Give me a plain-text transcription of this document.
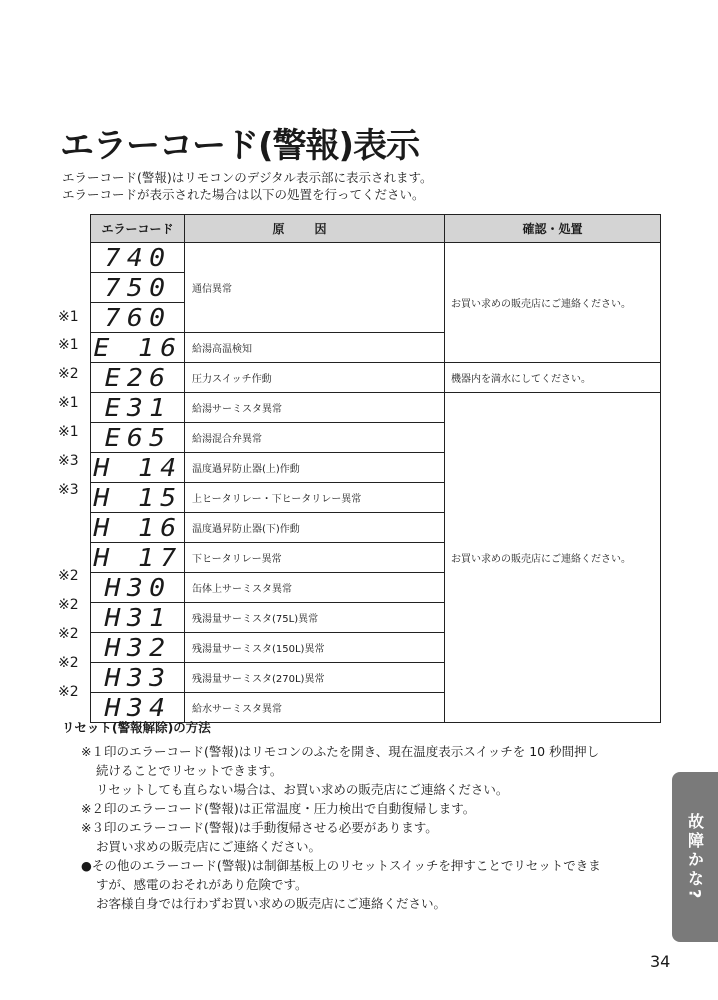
エラーコード(警報)表示
エラーコード(警報)はリモコンのデジタル表示部に表示されます。
エラーコードが表示された場合は以下の処置を行ってください。
※1
※1
※2
※1
※1
※3
※3
※2
※2
※2
※2
※2
エラーコード	原因	確認・処置
740	通信異常	お買い求めの販売店にご連絡ください。
750		
760		
E 16	給湯高温検知	
E26	圧力スイッチ作動	機器内を満水にしてください。
E31	給湯サーミスタ異常	お買い求めの販売店にご連絡ください。
E65	給湯混合弁異常	
H 14	温度過昇防止器(上)作動	
H 15	上ヒータリレー・下ヒータリレー異常	
H 16	温度過昇防止器(下)作動	
H 17	下ヒータリレー異常	
H30	缶体上サーミスタ異常	
H31	残湯量サーミスタ(75L)異常	
H32	残湯量サーミスタ(150L)異常	
H33	残湯量サーミスタ(270L)異常	
H34	給水サーミスタ異常	
リセット(警報解除)の方法

※１印のエラーコード(警報)はリモコンのふたを開き、現在温度表示スイッチを 10 秒間押し

続けることでリセットできます。

リセットしても直らない場合は、お買い求めの販売店にご連絡ください。

※２印のエラーコード(警報)は正常温度・圧力検出で自動復帰します。

※３印のエラーコード(警報)は手動復帰させる必要があります。

お買い求めの販売店にご連絡ください。

●その他のエラーコード(警報)は制御基板上のリセットスイッチを押すことでリセットできま

すが、感電のおそれがあり危険です。

お客様自身では行わずお買い求めの販売店にご連絡ください。

故障かな?
34
